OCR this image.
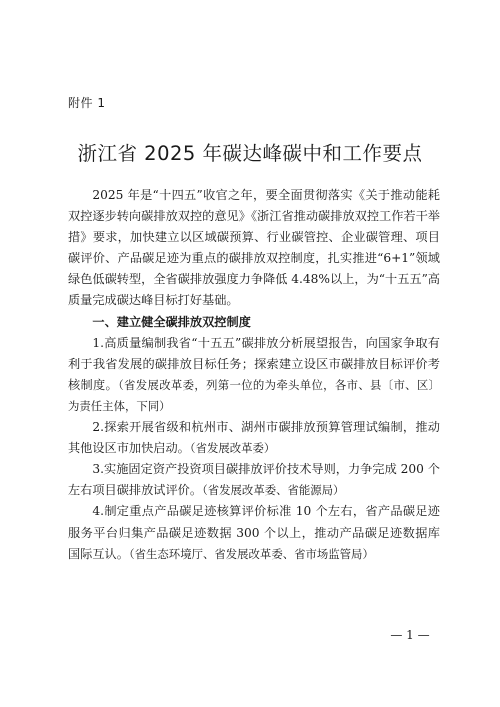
附件 1
浙江省 2025 年碳达峰碳中和工作要点

2025 年是“十四五”收官之年，要全面贯彻落实《关于推动能耗双控逐步转向碳排放双控的意见》《浙江省推动碳排放双控工作若干举措》要求，加快建立以区域碳预算、行业碳管控、企业碳管理、项目碳评价、产品碳足迹为重点的碳排放双控制度，扎实推进“6+1”领域绿色低碳转型，全省碳排放强度力争降低 4.48%以上，为“十五五”高质量完成碳达峰目标打好基础。

一、建立健全碳排放双控制度

1.高质量编制我省“十五五”碳排放分析展望报告，向国家争取有利于我省发展的碳排放目标任务；探索建立设区市碳排放目标评价考核制度。（省发展改革委，列第一位的为牵头单位，各市、县〔市、区〕为责任主体，下同）

2.探索开展省级和杭州市、湖州市碳排放预算管理试编制，推动其他设区市加快启动。（省发展改革委）

3.实施固定资产投资项目碳排放评价技术导则，力争完成 200 个左右项目碳排放试评价。（省发展改革委、省能源局）

4.制定重点产品碳足迹核算评价标准 10 个左右，省产品碳足迹服务平台归集产品碳足迹数据 300 个以上，推动产品碳足迹数据库国际互认。（省生态环境厅、省发展改革委、省市场监管局）

— 1 —
